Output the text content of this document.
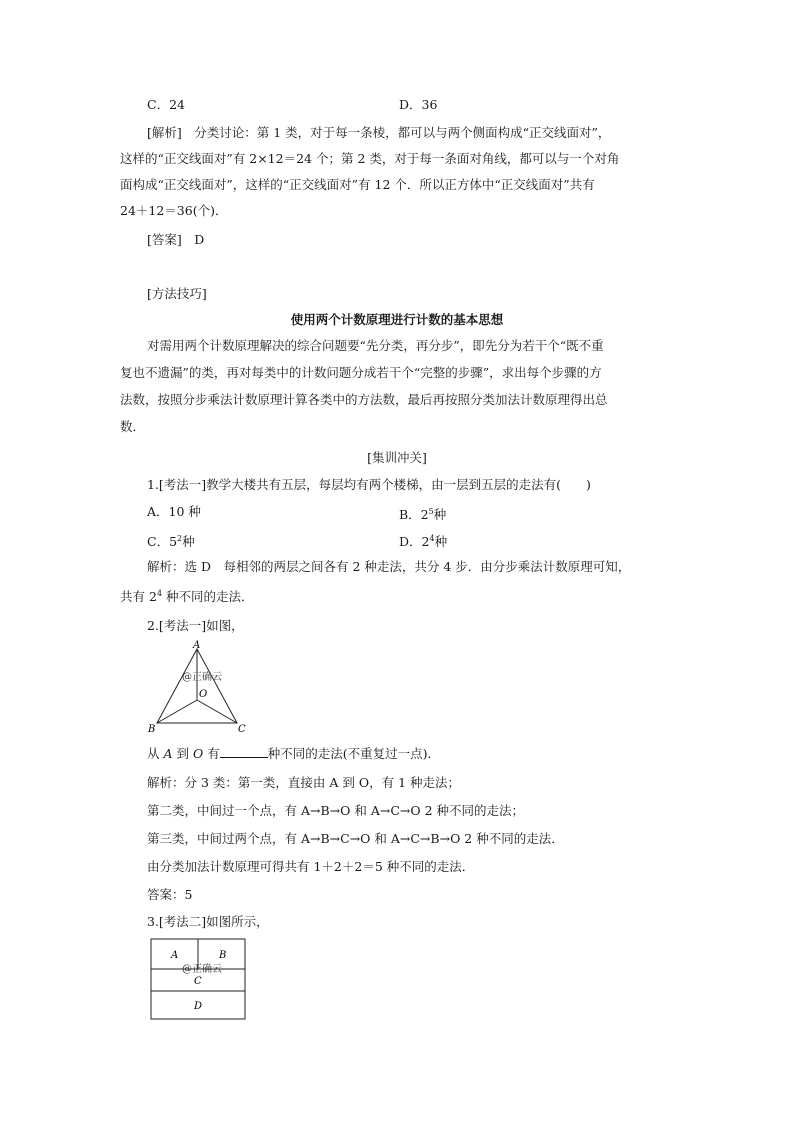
C．24	D．36
[解析]　分类讨论：第 1 类，对于每一条棱，都可以与两个侧面构成“正交线面对”，
这样的“正交线面对”有 2×12＝24 个；第 2 类，对于每一条面对角线，都可以与一个对角
面构成“正交线面对”，这样的“正交线面对”有 12 个．所以正方体中“正交线面对”共有
24＋12＝36(个)．
[答案]　D
[方法技巧]
使用两个计数原理进行计数的基本思想
对需用两个计数原理解决的综合问题要“先分类，再分步”，即先分为若干个“既不重
复也不遗漏”的类，再对每类中的计数问题分成若干个“完整的步骤”，求出每个步骤的方
法数，按照分步乘法计数原理计算各类中的方法数，最后再按照分类加法计数原理得出总
数．
[集训冲关]
1.[考法一]教学大楼共有五层，每层均有两个楼梯，由一层到五层的走法有(　　)
A．10 种	B．$2^5$种
C．$5^2$种	D．$2^4$种
解析：选 D　每相邻的两层之间各有 2 种走法，共分 4 步．由分步乘法计数原理可知，
共有 $2^4$ 种不同的走法．
2.[考法一]如图，
A
B	C
O
@正确云
从 A 到 O 有	种不同的走法(不重复过一点)．
解析：分 3 类：第一类，直接由 A 到 O，有 1 种走法；
第二类，中间过一个点，有 A→B→O 和 A→C→O 2 种不同的走法；
第三类，中间过两个点，有 A→B→C→O 和 A→C→B→O 2 种不同的走法．
由分类加法计数原理可得共有 1＋2＋2＝5 种不同的走法．
答案：5
3.[考法二]如图所示，
A	B
C
D
@正确云
